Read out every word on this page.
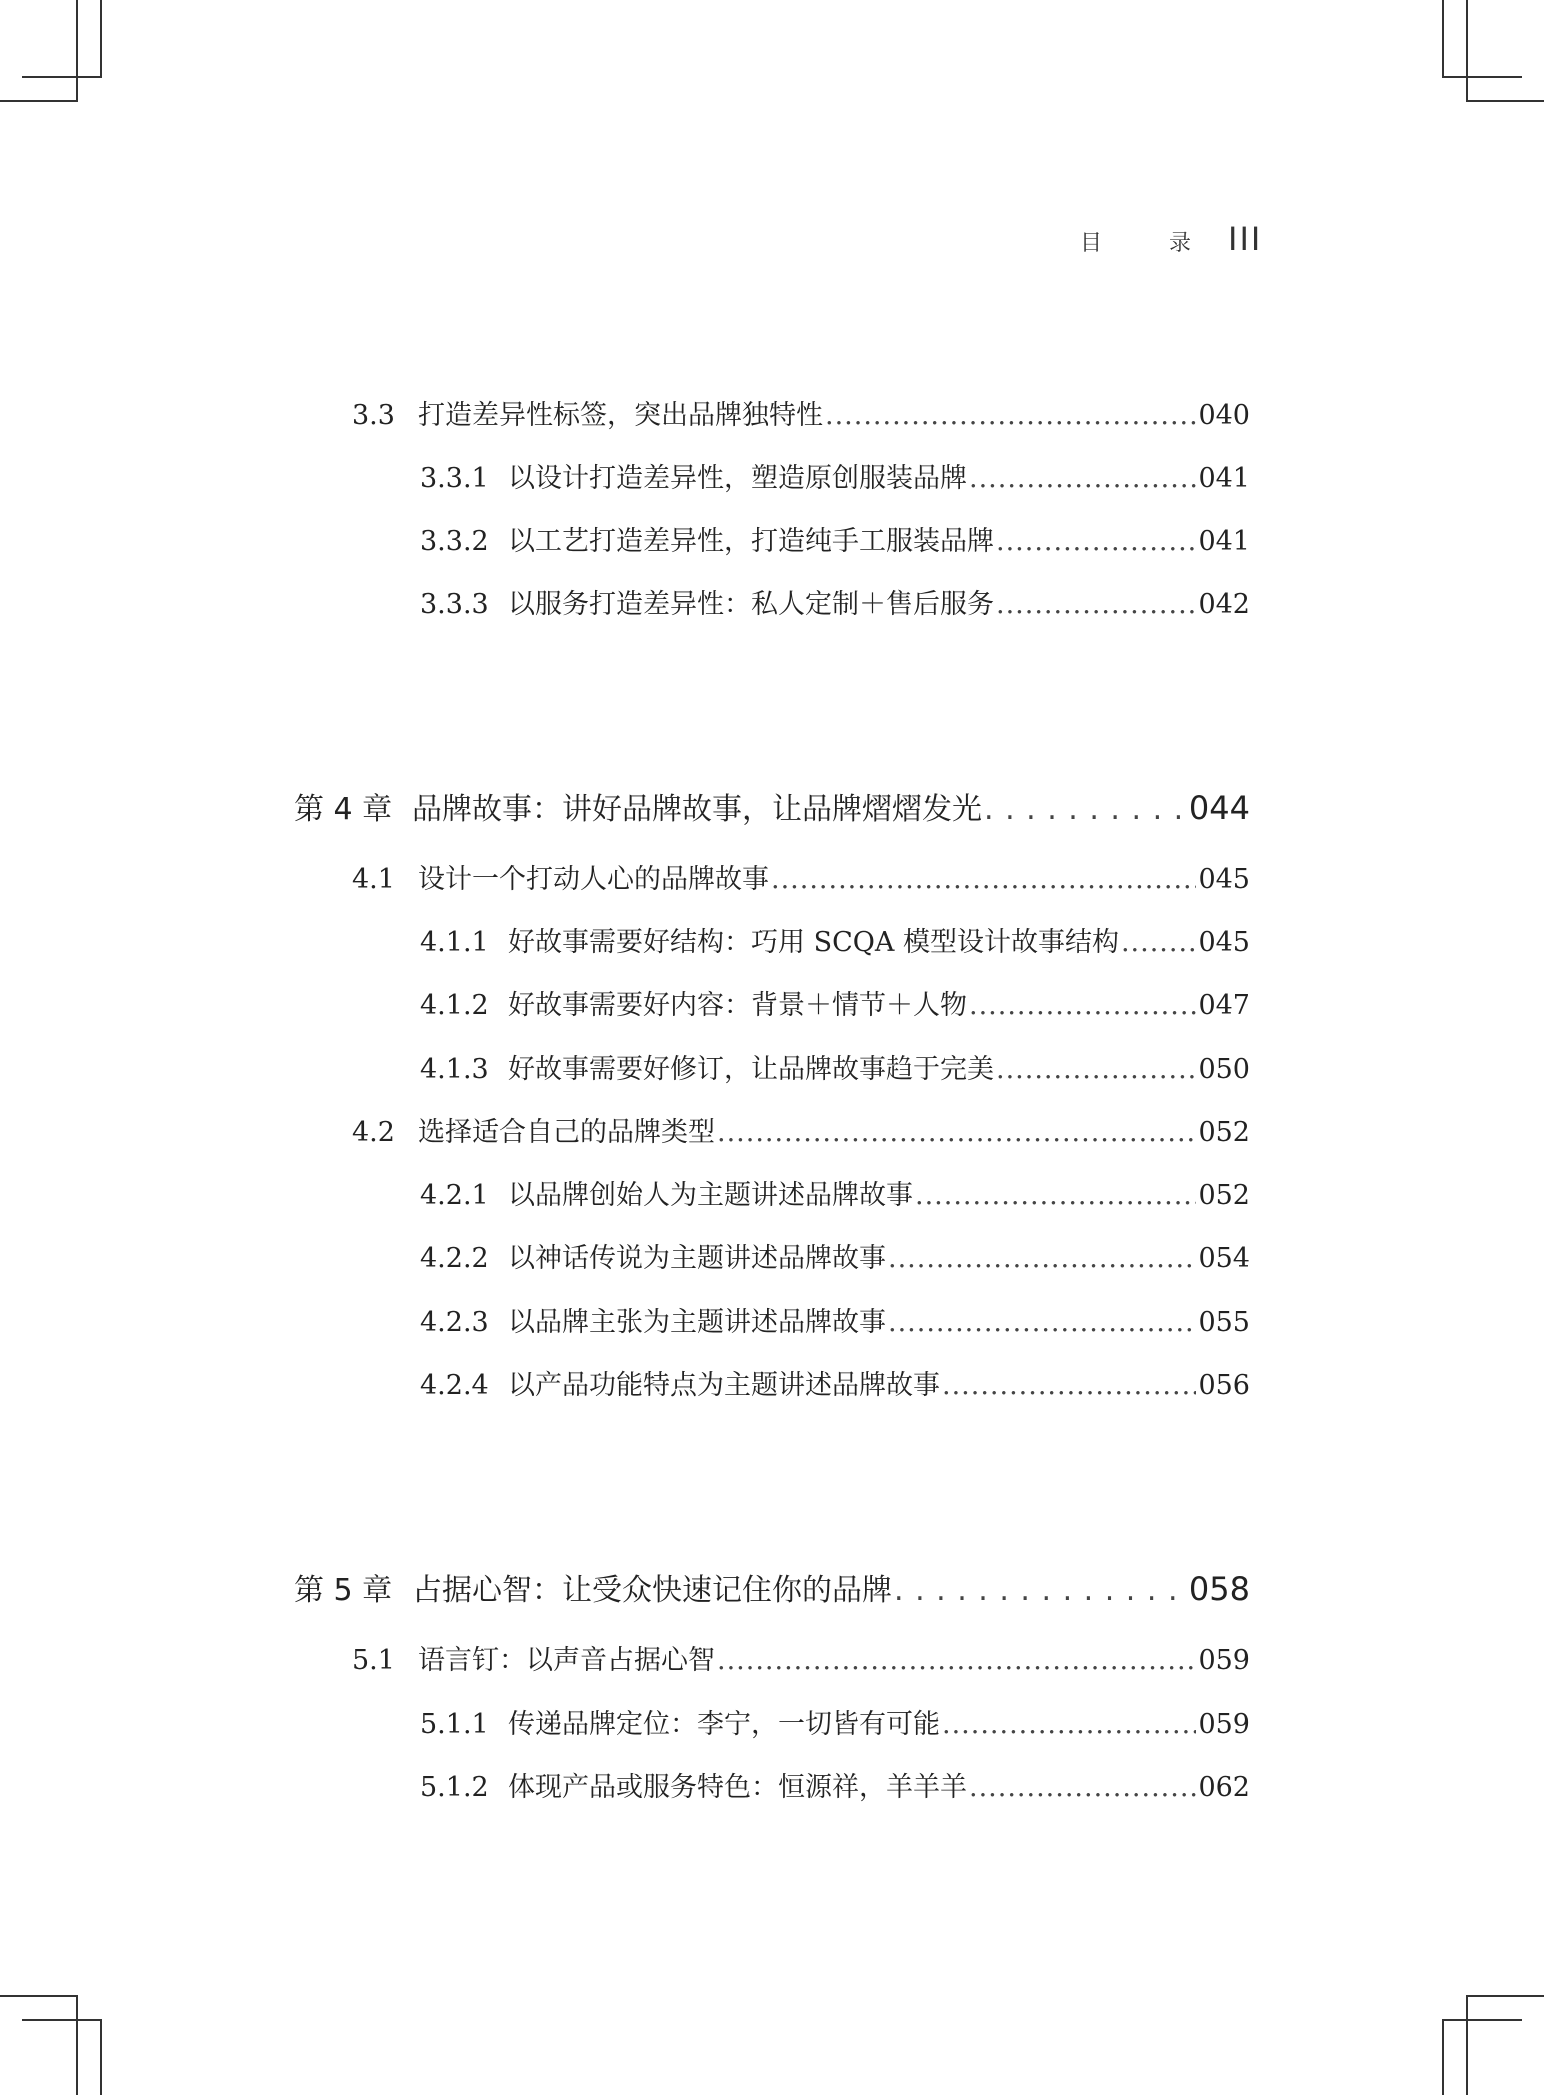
目 录 III
3.3 打造差异性标签，突出品牌独特性 .....	040
3.3.1 以设计打造差异性，塑造原创服装品牌 .....	041
3.3.2 以工艺打造差异性，打造纯手工服装品牌 .....	041
3.3.3 以服务打造差异性：私人定制＋售后服务 .....	042
第 4 章 品牌故事：讲好品牌故事，让品牌熠熠发光 . . .	044
4.1 设计一个打动人心的品牌故事 .....	045
4.1.1 好故事需要好结构：巧用 SCQA 模型设计故事结构 .....	045
4.1.2 好故事需要好内容：背景＋情节＋人物 .....	047
4.1.3 好故事需要好修订，让品牌故事趋于完美 .....	050
4.2 选择适合自己的品牌类型 .....	052
4.2.1 以品牌创始人为主题讲述品牌故事 .....	052
4.2.2 以神话传说为主题讲述品牌故事 .....	054
4.2.3 以品牌主张为主题讲述品牌故事 .....	055
4.2.4 以产品功能特点为主题讲述品牌故事 .....	056
第 5 章 占据心智：让受众快速记住你的品牌 . . .	058
5.1 语言钉：以声音占据心智 .....	059
5.1.1 传递品牌定位：李宁，一切皆有可能 .....	059
5.1.2 体现产品或服务特色：恒源祥，羊羊羊 .....	062
